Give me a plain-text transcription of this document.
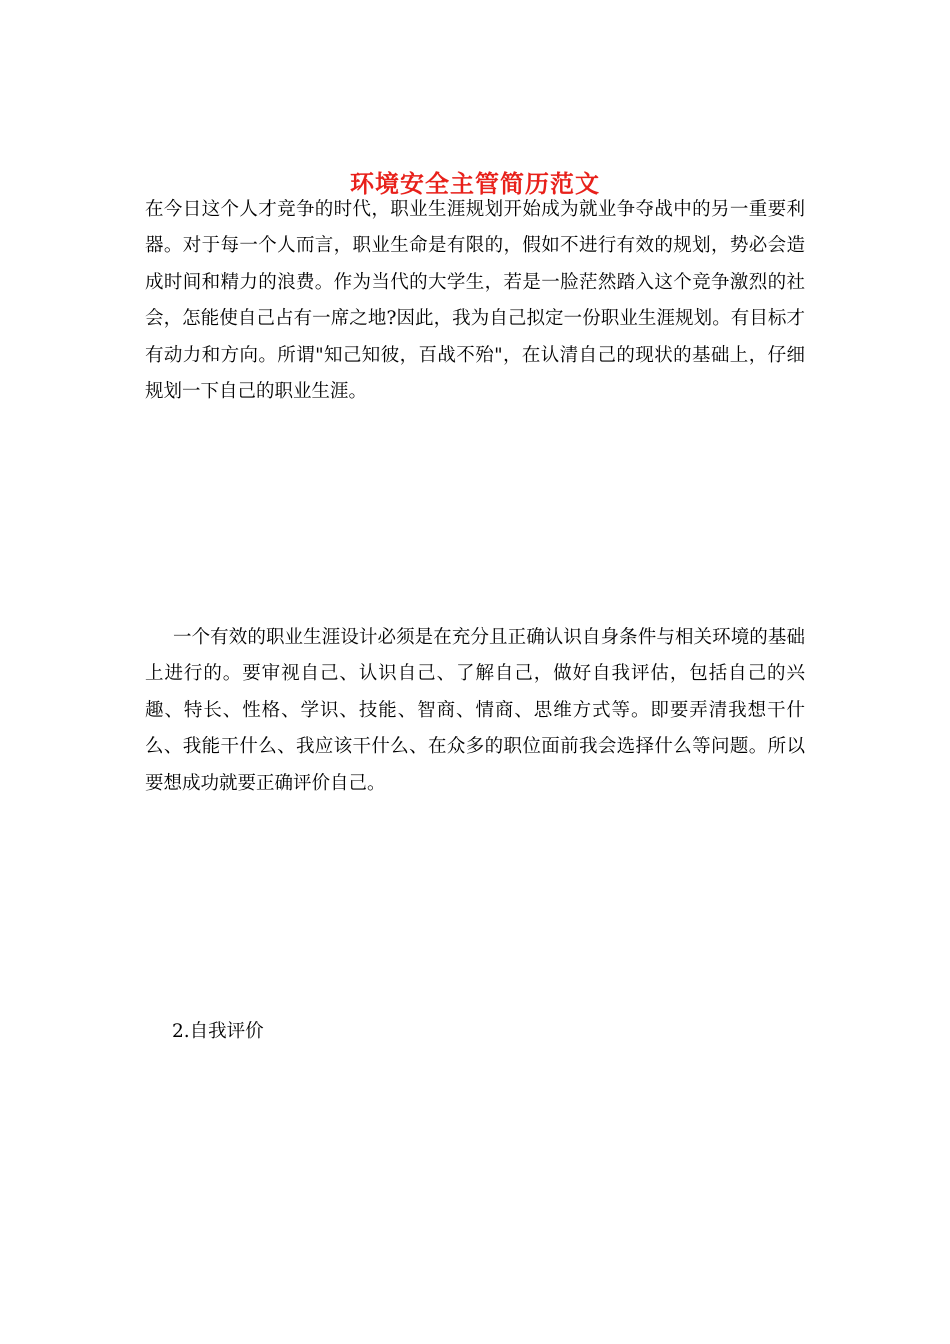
环境安全主管简历范文

在今日这个人才竞争的时代，职业生涯规划开始成为就业争夺战中的另一重要利器。对于每一个人而言，职业生命是有限的，假如不进行有效的规划，势必会造成时间和精力的浪费。作为当代的大学生，若是一脸茫然踏入这个竞争激烈的社会，怎能使自己占有一席之地?因此，我为自己拟定一份职业生涯规划。有目标才有动力和方向。所谓"知己知彼，百战不殆"，在认清自己的现状的基础上，仔细规划一下自己的职业生涯。

一个有效的职业生涯设计必须是在充分且正确认识自身条件与相关环境的基础上进行的。要审视自己、认识自己、了解自己，做好自我评估，包括自己的兴趣、特长、性格、学识、技能、智商、情商、思维方式等。即要弄清我想干什么、我能干什么、我应该干什么、在众多的职位面前我会选择什么等问题。所以要想成功就要正确评价自己。

2.自我评价
